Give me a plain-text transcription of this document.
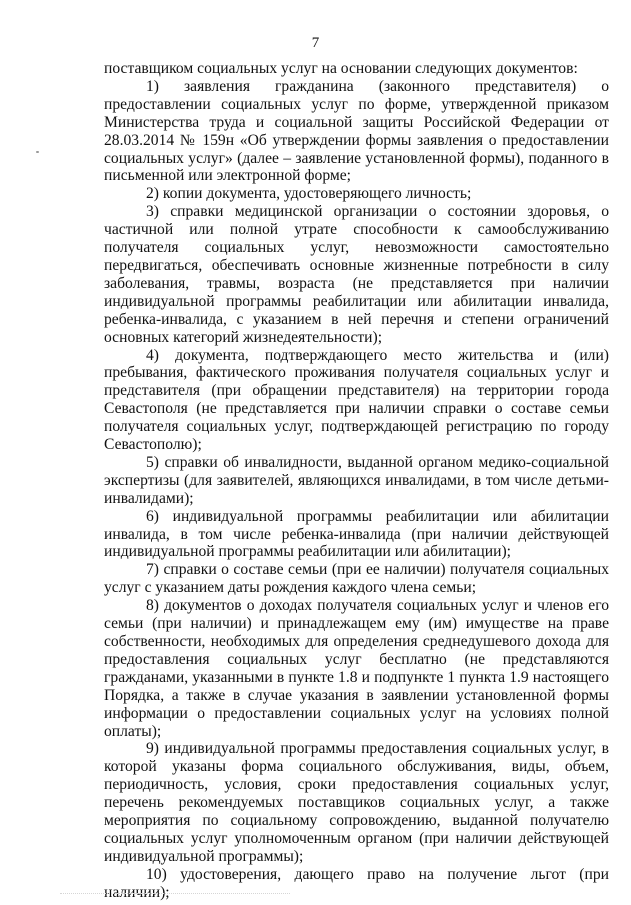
7

поставщиком социальных услуг на основании следующих документов:

1) заявления гражданина (законного представителя) о предоставлении социальных услуг по форме, утвержденной приказом Министерства труда и социальной защиты Российской Федерации от 28.03.2014 № 159н «Об утверждении формы заявления о предоставлении социальных услуг» (далее – заявление установленной формы), поданного в письменной или электронной форме;

2) копии документа, удостоверяющего личность;

3) справки медицинской организации о состоянии здоровья, о частичной или полной утрате способности к самообслуживанию получателя социальных услуг, невозможности самостоятельно передвигаться, обеспечивать основные жизненные потребности в силу заболевания, травмы, возраста (не представляется при наличии индивидуальной программы реабилитации или абилитации инвалида, ребенка-инвалида, с указанием в ней перечня и степени ограничений основных категорий жизнедеятельности);

4) документа, подтверждающего место жительства и (или) пребывания, фактического проживания получателя социальных услуг и представителя (при обращении представителя) на территории города Севастополя (не представляется при наличии справки о составе семьи получателя социальных услуг, подтверждающей регистрацию по городу Севастополю);

5) справки об инвалидности, выданной органом медико-социальной экспертизы (для заявителей, являющихся инвалидами, в том числе детьми-инвалидами);

6) индивидуальной программы реабилитации или абилитации инвалида, в том числе ребенка-инвалида (при наличии действующей индивидуальной программы реабилитации или абилитации);

7) справки о составе семьи (при ее наличии) получателя социальных услуг с указанием даты рождения каждого члена семьи;

8) документов о доходах получателя социальных услуг и членов его семьи (при наличии) и принадлежащем ему (им) имуществе на праве собственности, необходимых для определения среднедушевого дохода для предоставления социальных услуг бесплатно (не представляются гражданами, указанными в пункте 1.8 и подпункте 1 пункта 1.9 настоящего Порядка, а также в случае указания в заявлении установленной формы информации о предоставлении социальных услуг на условиях полной оплаты);

9) индивидуальной программы предоставления социальных услуг, в которой указаны форма социального обслуживания, виды, объем, периодичность, условия, сроки предоставления социальных услуг, перечень рекомендуемых поставщиков социальных услуг, а также мероприятия по социальному сопровождению, выданной получателю социальных услуг уполномоченным органом (при наличии действующей индивидуальной программы);

10) удостоверения, дающего право на получение льгот (при наличии);
